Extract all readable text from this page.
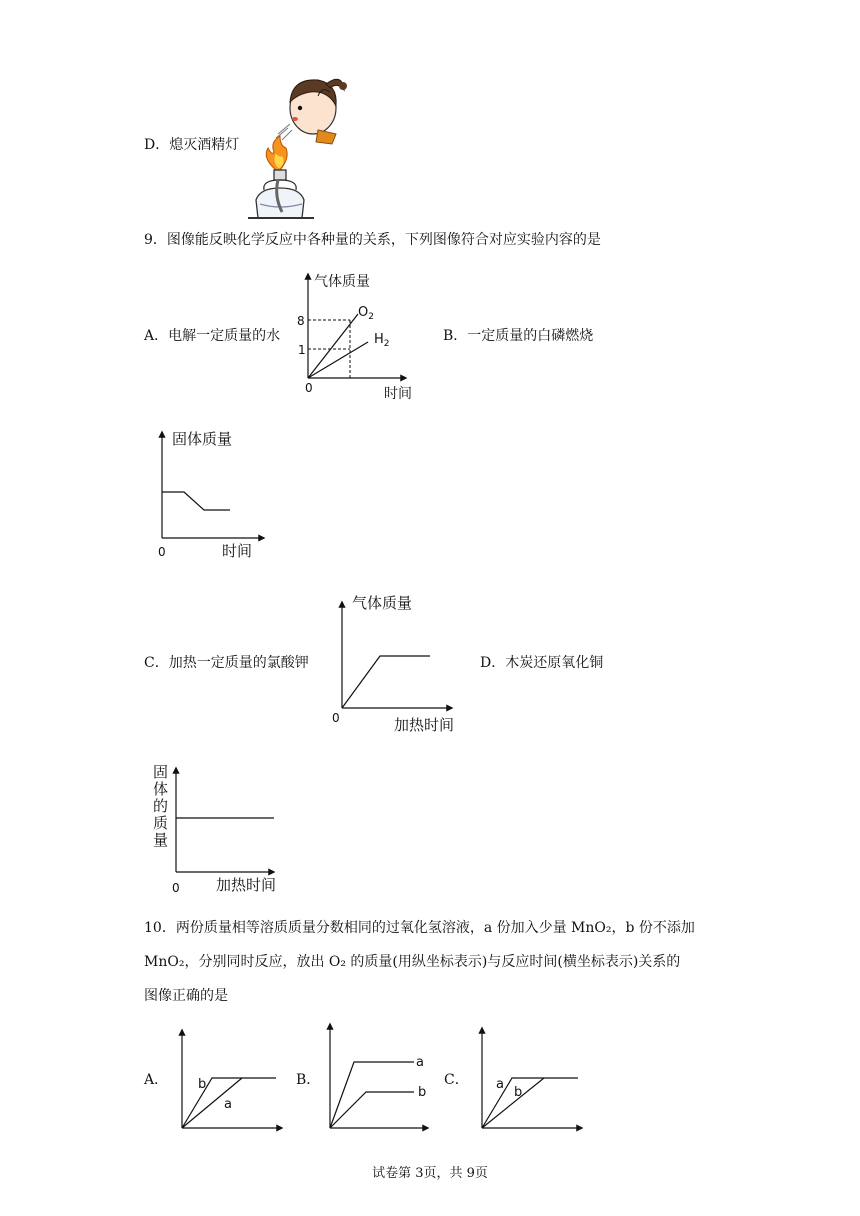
D．熄灭酒精灯
9．图像能反映化学反应中各种量的关系，下列图像符合对应实验内容的是
A．电解一定质量的水	B．一定质量的白磷燃烧
气体质量
时间
0
8
1
$O_2$
$H_2$
固体质量
时间
0
C．加热一定质量的氯酸钾	D．木炭还原氧化铜
气体质量
加热时间
0
加热时间
0
固体的质量
10．两份质量相等溶质质量分数相同的过氧化氢溶液，a 份加入少量 MnO₂，b 份不添加
MnO₂，分别同时反应，放出 O₂ 的质量(用纵坐标表示)与反应时间(横坐标表示)关系的
图像正确的是
A．	B．	C．
b
a
a
b
a
b
试卷第 3页，共 9页
